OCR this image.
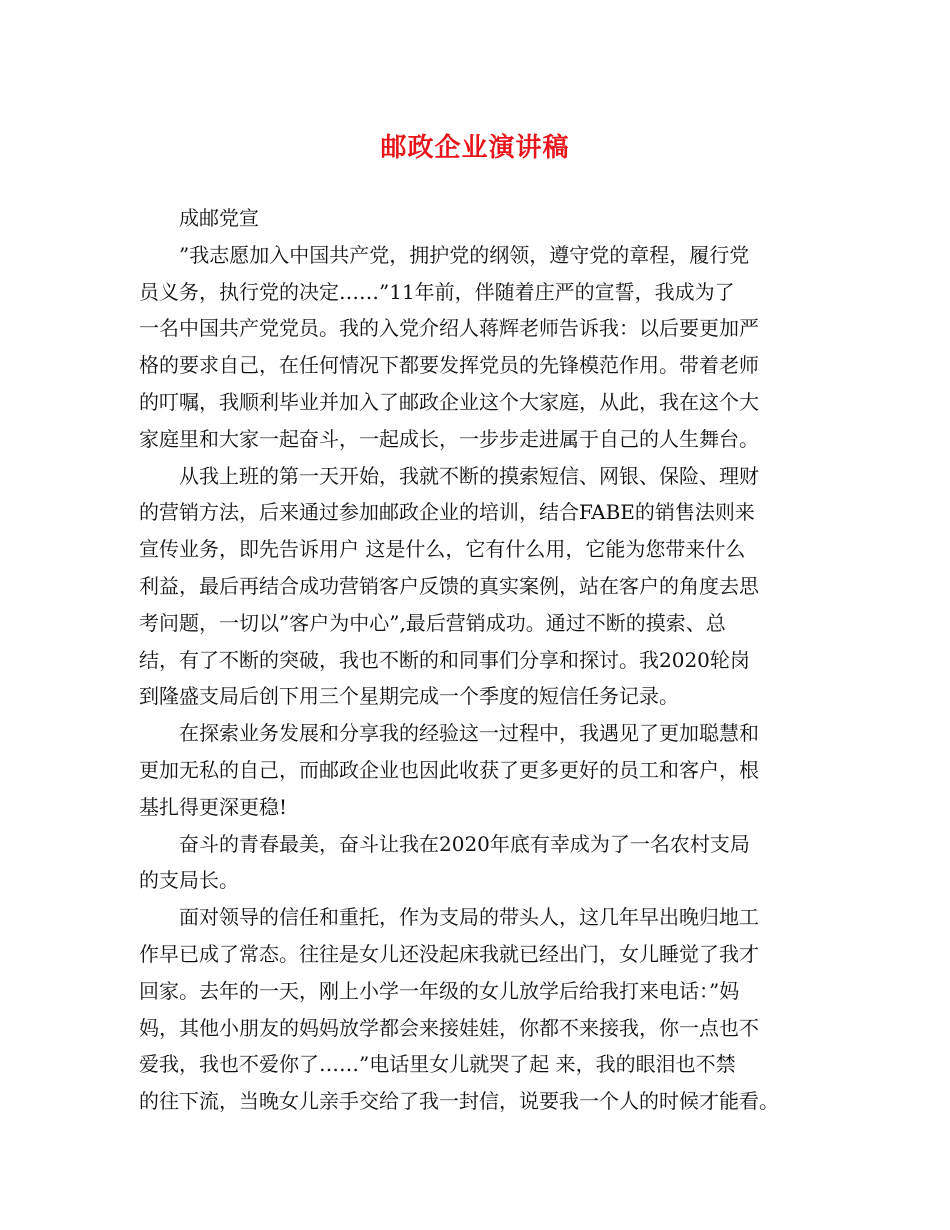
邮政企业演讲稿

成邮党宣

”我志愿加入中国共产党，拥护党的纲领，遵守党的章程，履行党
员义务，执行党的决定……”11年前，伴随着庄严的宣誓，我成为了
一名中国共产党党员。我的入党介绍人蒋辉老师告诉我：以后要更加严
格的要求自己，在任何情况下都要发挥党员的先锋模范作用。带着老师
的叮嘱，我顺利毕业并加入了邮政企业这个大家庭，从此，我在这个大
家庭里和大家一起奋斗，一起成长，一步步走进属于自己的人生舞台。

从我上班的第一天开始，我就不断的摸索短信、网银、保险、理财
的营销方法，后来通过参加邮政企业的培训，结合FABE的销售法则来
宣传业务，即先告诉用户 这是什么，它有什么用，它能为您带来什么
利益，最后再结合成功营销客户反馈的真实案例，站在客户的角度去思
考问题，一切以”客户为中心”,最后营销成功。通过不断的摸索、总
结，有了不断的突破，我也不断的和同事们分享和探讨。我2020轮岗
到隆盛支局后创下用三个星期完成一个季度的短信任务记录。

在探索业务发展和分享我的经验这一过程中，我遇见了更加聪慧和
更加无私的自己，而邮政企业也因此收获了更多更好的员工和客户，根
基扎得更深更稳!

奋斗的青春最美，奋斗让我在2020年底有幸成为了一名农村支局
的支局长。

面对领导的信任和重托，作为支局的带头人，这几年早出晚归地工
作早已成了常态。往往是女儿还没起床我就已经出门，女儿睡觉了我才
回家。去年的一天，刚上小学一年级的女儿放学后给我打来电话：”妈
妈，其他小朋友的妈妈放学都会来接娃娃，你都不来接我，你一点也不
爱我，我也不爱你了……”电话里女儿就哭了起 来，我的眼泪也不禁
的往下流，当晚女儿亲手交给了我一封信，说要我一个人的时候才能看。
